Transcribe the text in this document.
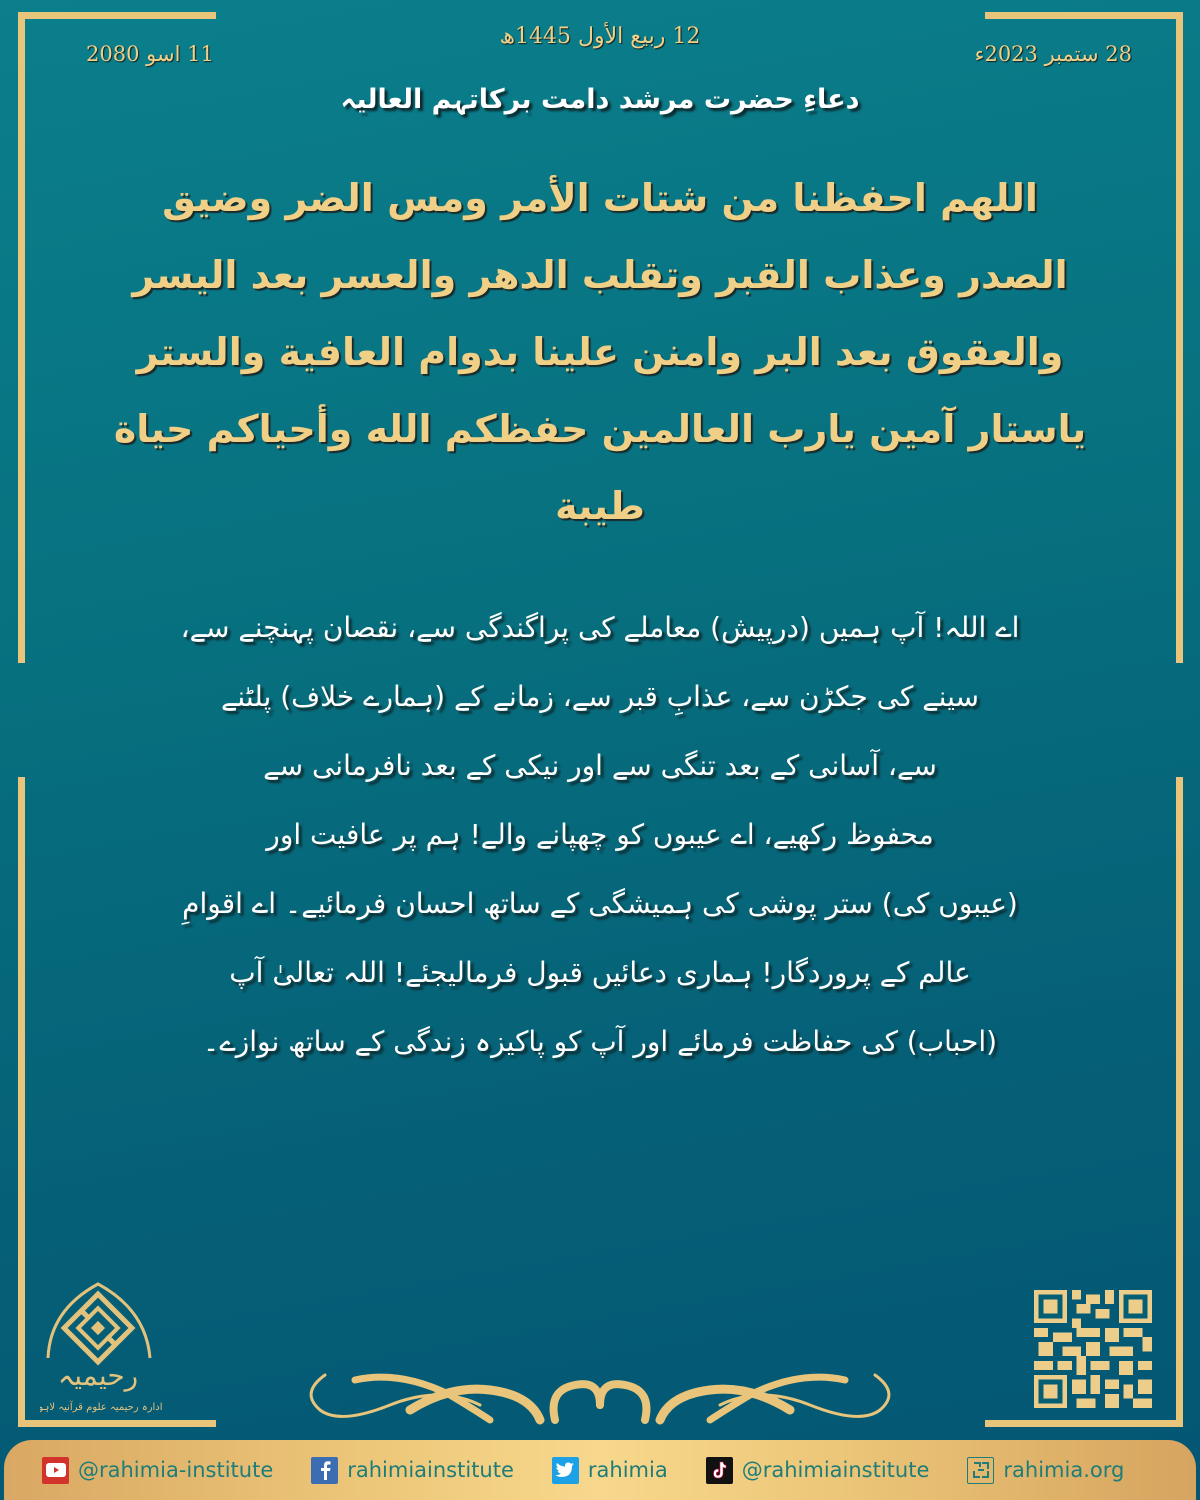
12 ربیع الأول 1445ھ
28 ستمبر 2023ء
11 اسو 2080
دعاءِ حضرت مرشد دامت برکاتہم العالیہ
اللهم احفظنا من شتات الأمر ومس الضر وضيق
الصدر وعذاب القبر وتقلب الدهر والعسر بعد اليسر
والعقوق بعد البر وامنن علينا بدوام العافية والستر
ياستار آمين يارب العالمين حفظكم الله وأحياكم حياة
طيبة
اے اللہ! آپ ہمیں (درپیش) معاملے کی پراگندگی سے، نقصان پہنچنے سے،
سینے کی جکڑن سے، عذابِ قبر سے، زمانے کے (ہمارے خلاف) پلٹنے
سے، آسانی کے بعد تنگی سے اور نیکی کے بعد نافرمانی سے
محفوظ رکھیے، اے عیبوں کو چھپانے والے! ہم پر عافیت اور
(عیبوں کی) ستر پوشی کی ہمیشگی کے ساتھ احسان فرمائیے۔ اے اقوامِ
عالم کے پروردگار! ہماری دعائیں قبول فرمالیجئے! اللہ تعالیٰ آپ
(احباب) کی حفاظت فرمائے اور آپ کو پاکیزہ زندگی کے ساتھ نوازے۔
رحیمیہ
ادارہ رحیمیہ علوم قرآنیہ لاہور
@rahimia-institute	rahimiainstitute	rahimia	@rahimiainstitute	rahimia.org
